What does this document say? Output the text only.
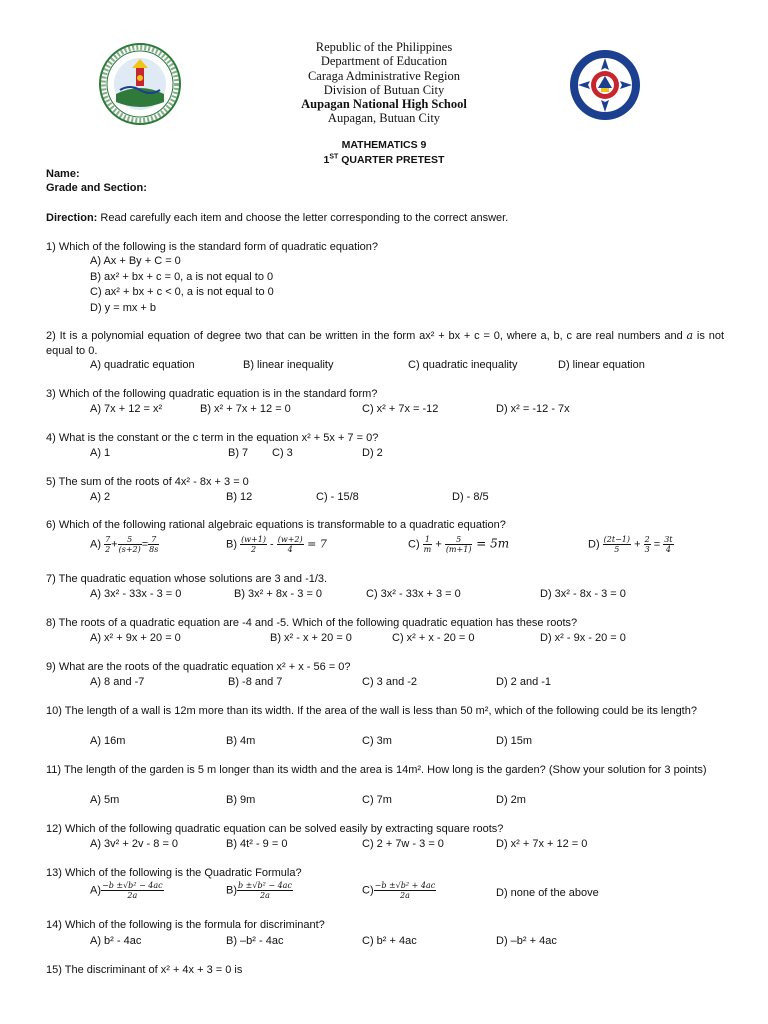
Republic of the Philippines
Department of Education
Caraga Administrative Region
Division of Butuan City
Aupagan National High School
Aupagan, Butuan City
MATHEMATICS 9
1ST QUARTER PRETEST
Name:
Grade and Section:
Direction: Read carefully each item and choose the letter corresponding to the correct answer.
1) Which of the following is the standard form of quadratic equation?
A) Ax + By + C = 0
B) ax² + bx + c = 0, a is not equal to 0
C) ax² + bx + c < 0, a is not equal to 0
D) y = mx + b
2) It is a polynomial equation of degree two that can be written in the form ax² + bx + c = 0, where a, b, c are real numbers and a is not equal to 0.
A) quadratic equation	B) linear inequality	C) quadratic inequality	D) linear equation
3) Which of the following quadratic equation is in the standard form?
A) 7x + 12 = x²	B) x² + 7x + 12 = 0	C) x² + 7x = -12	D) x² = -12 - 7x
4) What is the constant or the c term in the equation x² + 5x + 7 = 0?
A) 1	B) 7 C) 3	D) 2
5) The sum of the roots of 4x² - 8x + 3 = 0
A) 2	B) 12	C) - 15/8	D) - 8/5
6) Which of the following rational algebraic equations is transformable to a quadratic equation?
$A) \frac{7}{2} + \frac{5}{(s+2)} = \frac{7}{8s}$	$B) \frac{(w+1)}{2} - \frac{(w+2)}{4} = 7$	$C) \frac{1}{m} + \frac{5}{(m+1)} = 5m$	$D) \frac{(2t-1)}{5} + \frac{2}{3} = \frac{3t}{4}$
7) The quadratic equation whose solutions are 3 and -1/3.
A) 3x² - 33x - 3 = 0	B) 3x² + 8x - 3 = 0	C) 3x² - 33x + 3 = 0	D) 3x² - 8x - 3 = 0
8) The roots of a quadratic equation are -4 and -5. Which of the following quadratic equation has these roots?
A) x² + 9x + 20 = 0	B) x² - x + 20 = 0	C) x² + x - 20 = 0	D) x² - 9x - 20 = 0
9) What are the roots of the quadratic equation x² + x - 56 = 0?
A) 8 and -7	B) -8 and 7	C) 3 and -2	D) 2 and -1
10) The length of a wall is 12m more than its width. If the area of the wall is less than 50 m², which of the following could be its length?
A) 16m	B) 4m	C) 3m	D) 15m
11) The length of the garden is 5 m longer than its width and the area is 14m². How long is the garden? (Show your solution for 3 points)
A) 5m	B) 9m	C) 7m	D) 2m
12) Which of the following quadratic equation can be solved easily by extracting square roots?
A) 3v² + 2v - 8 = 0	B) 4t² - 9 = 0	C) 2 + 7w - 3 = 0	D) x² + 7x + 12 = 0
13) Which of the following is the Quadratic Formula?
$A) \frac{\text{−b ±√b² − 4ac}}{2a}$	$B) \frac{\text{b ±√b² − 4ac}}{2a}$	$C) \frac{\text{−b ±√b² + 4ac}}{2a}$	D) none of the above
14) Which of the following is the formula for discriminant?
A) b² - 4ac	B) –b² - 4ac	C) b² + 4ac	D) –b² + 4ac
15) The discriminant of x² + 4x + 3 = 0 is
